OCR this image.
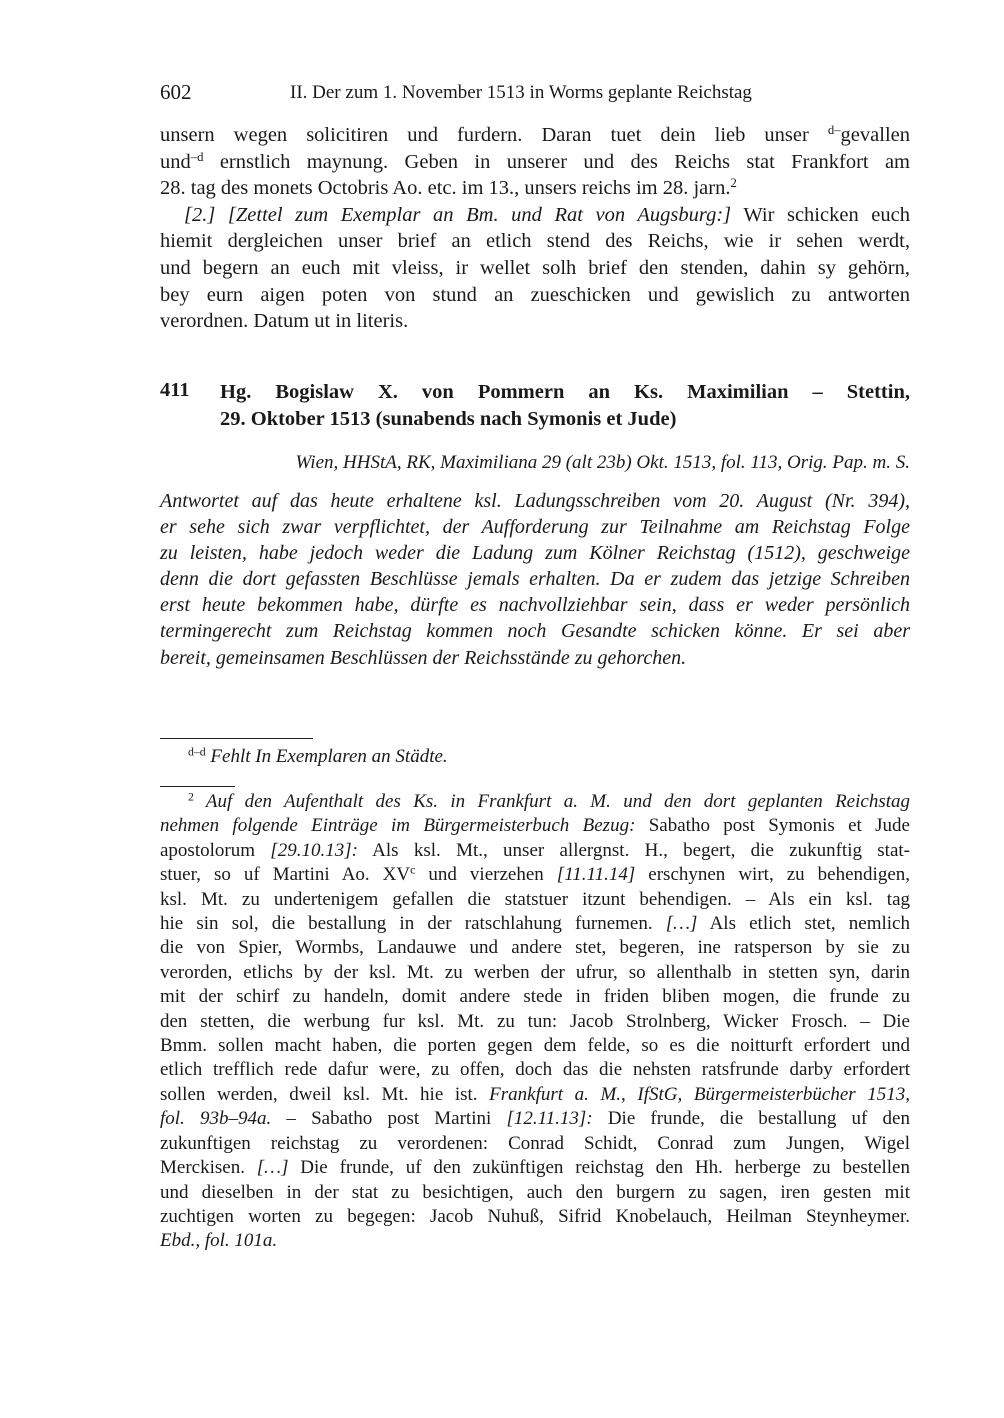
602	II. Der zum 1. November 1513 in Worms geplante Reichstag
unsern wegen solicitiren und furdern. Daran tuet dein lieb unser $^{d-}$gevallen
und$^{-d}$ ernstlich maynung. Geben in unserer und des Reichs stat Frankfort am
28. tag des monets Octobris Ao. etc. im 13., unsers reichs im 28. jarn.$^2$
[2.] [Zettel zum Exemplar an Bm. und Rat von Augsburg:] Wir schicken euch
hiemit dergleichen unser brief an etlich stend des Reichs, wie ir sehen werdt,
und begern an euch mit vleiss, ir wellet solh brief den stenden, dahin sy gehörn,
bey eurn aigen poten von stund an zueschicken und gewislich zu antworten
verordnen. Datum ut in literis.
411 Hg. Bogislaw X. von Pommern an Ks. Maximilian – Stettin,
29. Oktober 1513 (sunabends nach Symonis et Jude)
Wien, HHStA, RK, Maximiliana 29 (alt 23b) Okt. 1513, fol. 113, Orig. Pap. m. S.
Antwortet auf das heute erhaltene ksl. Ladungsschreiben vom 20. August (Nr. 394),
er sehe sich zwar verpflichtet, der Aufforderung zur Teilnahme am Reichstag Folge
zu leisten, habe jedoch weder die Ladung zum Kölner Reichstag (1512), geschweige
denn die dort gefassten Beschlüsse jemals erhalten. Da er zudem das jetzige Schreiben
erst heute bekommen habe, dürfte es nachvollziehbar sein, dass er weder persönlich
termingerecht zum Reichstag kommen noch Gesandte schicken könne. Er sei aber
bereit, gemeinsamen Beschlüssen der Reichsstände zu gehorchen.
$^{d-d}$ Fehlt In Exemplaren an Städte.
$^2$ Auf den Aufenthalt des Ks. in Frankfurt a. M. und den dort geplanten Reichstag
nehmen folgende Einträge im Bürgermeisterbuch Bezug: Sabatho post Symonis et Jude
apostolorum [29.10.13]: Als ksl. Mt., unser allergnst. H., begert, die zukunftig stat-
stuer, so uf Martini Ao. $XV^c$ und vierzehen [11.11.14] erschynen wirt, zu behendigen,
ksl. Mt. zu undertenigem gefallen die statstuer itzunt behendigen. – Als ein ksl. tag
hie sin sol, die bestallung in der ratschlahung furnemen. […] Als etlich stet, nemlich
die von Spier, Wormbs, Landauwe und andere stet, begeren, ine ratsperson by sie zu
verorden, etlichs by der ksl. Mt. zu werben der ufrur, so allenthalb in stetten syn, darin
mit der schirf zu handeln, domit andere stede in friden bliben mogen, die frunde zu
den stetten, die werbung fur ksl. Mt. zu tun: Jacob Strolnberg, Wicker Frosch. – Die
Bmm. sollen macht haben, die porten gegen dem felde, so es die noitturft erfordert und
etlich trefflich rede dafur were, zu offen, doch das die nehsten ratsfrunde darby erfordert
sollen werden, dweil ksl. Mt. hie ist. Frankfurt a. M., IfStG, Bürgermeisterbücher 1513,
fol. 93b–94a. – Sabatho post Martini [12.11.13]: Die frunde, die bestallung uf den
zukunftigen reichstag zu verordenen: Conrad Schidt, Conrad zum Jungen, Wigel
Merckisen. […] Die frunde, uf den zukünftigen reichstag den Hh. herberge zu bestellen
und dieselben in der stat zu besichtigen, auch den burgern zu sagen, iren gesten mit
zuchtigen worten zu begegen: Jacob Nuhuß, Sifrid Knobelauch, Heilman Steynheymer.
Ebd., fol. 101a.
